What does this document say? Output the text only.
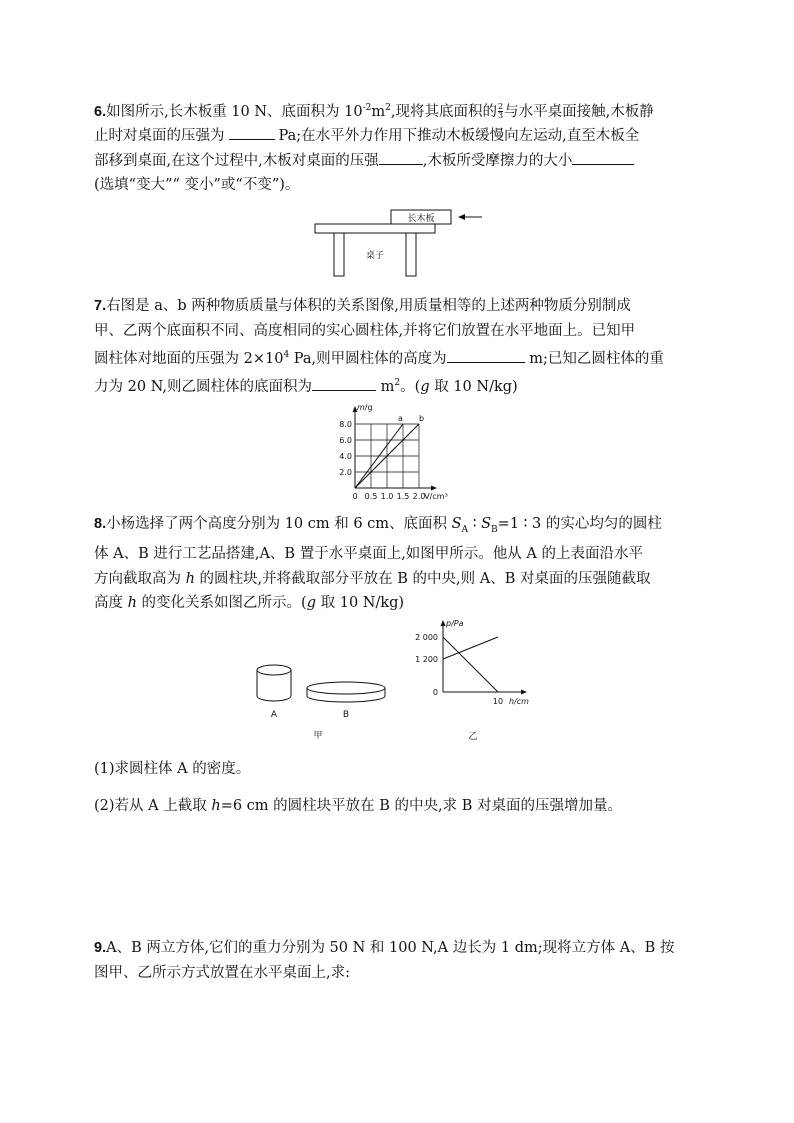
6.如图所示,长木板重 10 N、底面积为 $10^{-2}m^2$,现将其底面积的 $\frac{2}{3}$ 与水平桌面接触,木板静
止时对桌面的压强为	Pa;在水平外力作用下推动木板缓慢向左运动,直至木板全
部移到桌面,在这个过程中,木板对桌面的压强	,木板所受摩擦力的大小
(选填“变大”“ 变小”或“不变”)。
长木板
桌子
7.右图是 a、b 两种物质质量与体积的关系图像,用质量相等的上述两种物质分别制成
甲、乙两个底面积不同、高度相同的实心圆柱体,并将它们放置在水平地面上。已知甲
圆柱体对地面的压强为 $2\times 10^4$ Pa,则甲圆柱体的高度为	m;已知乙圆柱体的重
力为 20 N,则乙圆柱体的底面积为	$m^2$。(g 取 10 N/kg)
a b
8.0
6.0
4.0
2.0
0 0.5 1.0 1.5 2.0
m/g
V/cm³
8.小杨选择了两个高度分别为 10 cm 和 6 cm、底面积 $S_A$ ∶ $S_B=1$ ∶ 3 的实心均匀的圆柱
体 A、B 进行工艺品搭建,A、B 置于水平桌面上,如图甲所示。他从 A 的上表面沿水平
方向截取高为 h 的圆柱块,并将截取部分平放在 B 的中央,则 A、B 对桌面的压强随截取
高度 h 的变化关系如图乙所示。(g 取 10 N/kg)
A	B
甲
2 000
1 200
0
10
p/Pa
h/cm
乙
(1)求圆柱体 A 的密度。
(2)若从 A 上截取 h=6 cm 的圆柱块平放在 B 的中央,求 B 对桌面的压强增加量。
9.A、B 两立方体,它们的重力分别为 50 N 和 100 N,A 边长为 1 dm;现将立方体 A、B 按
图甲、乙所示方式放置在水平桌面上,求:
